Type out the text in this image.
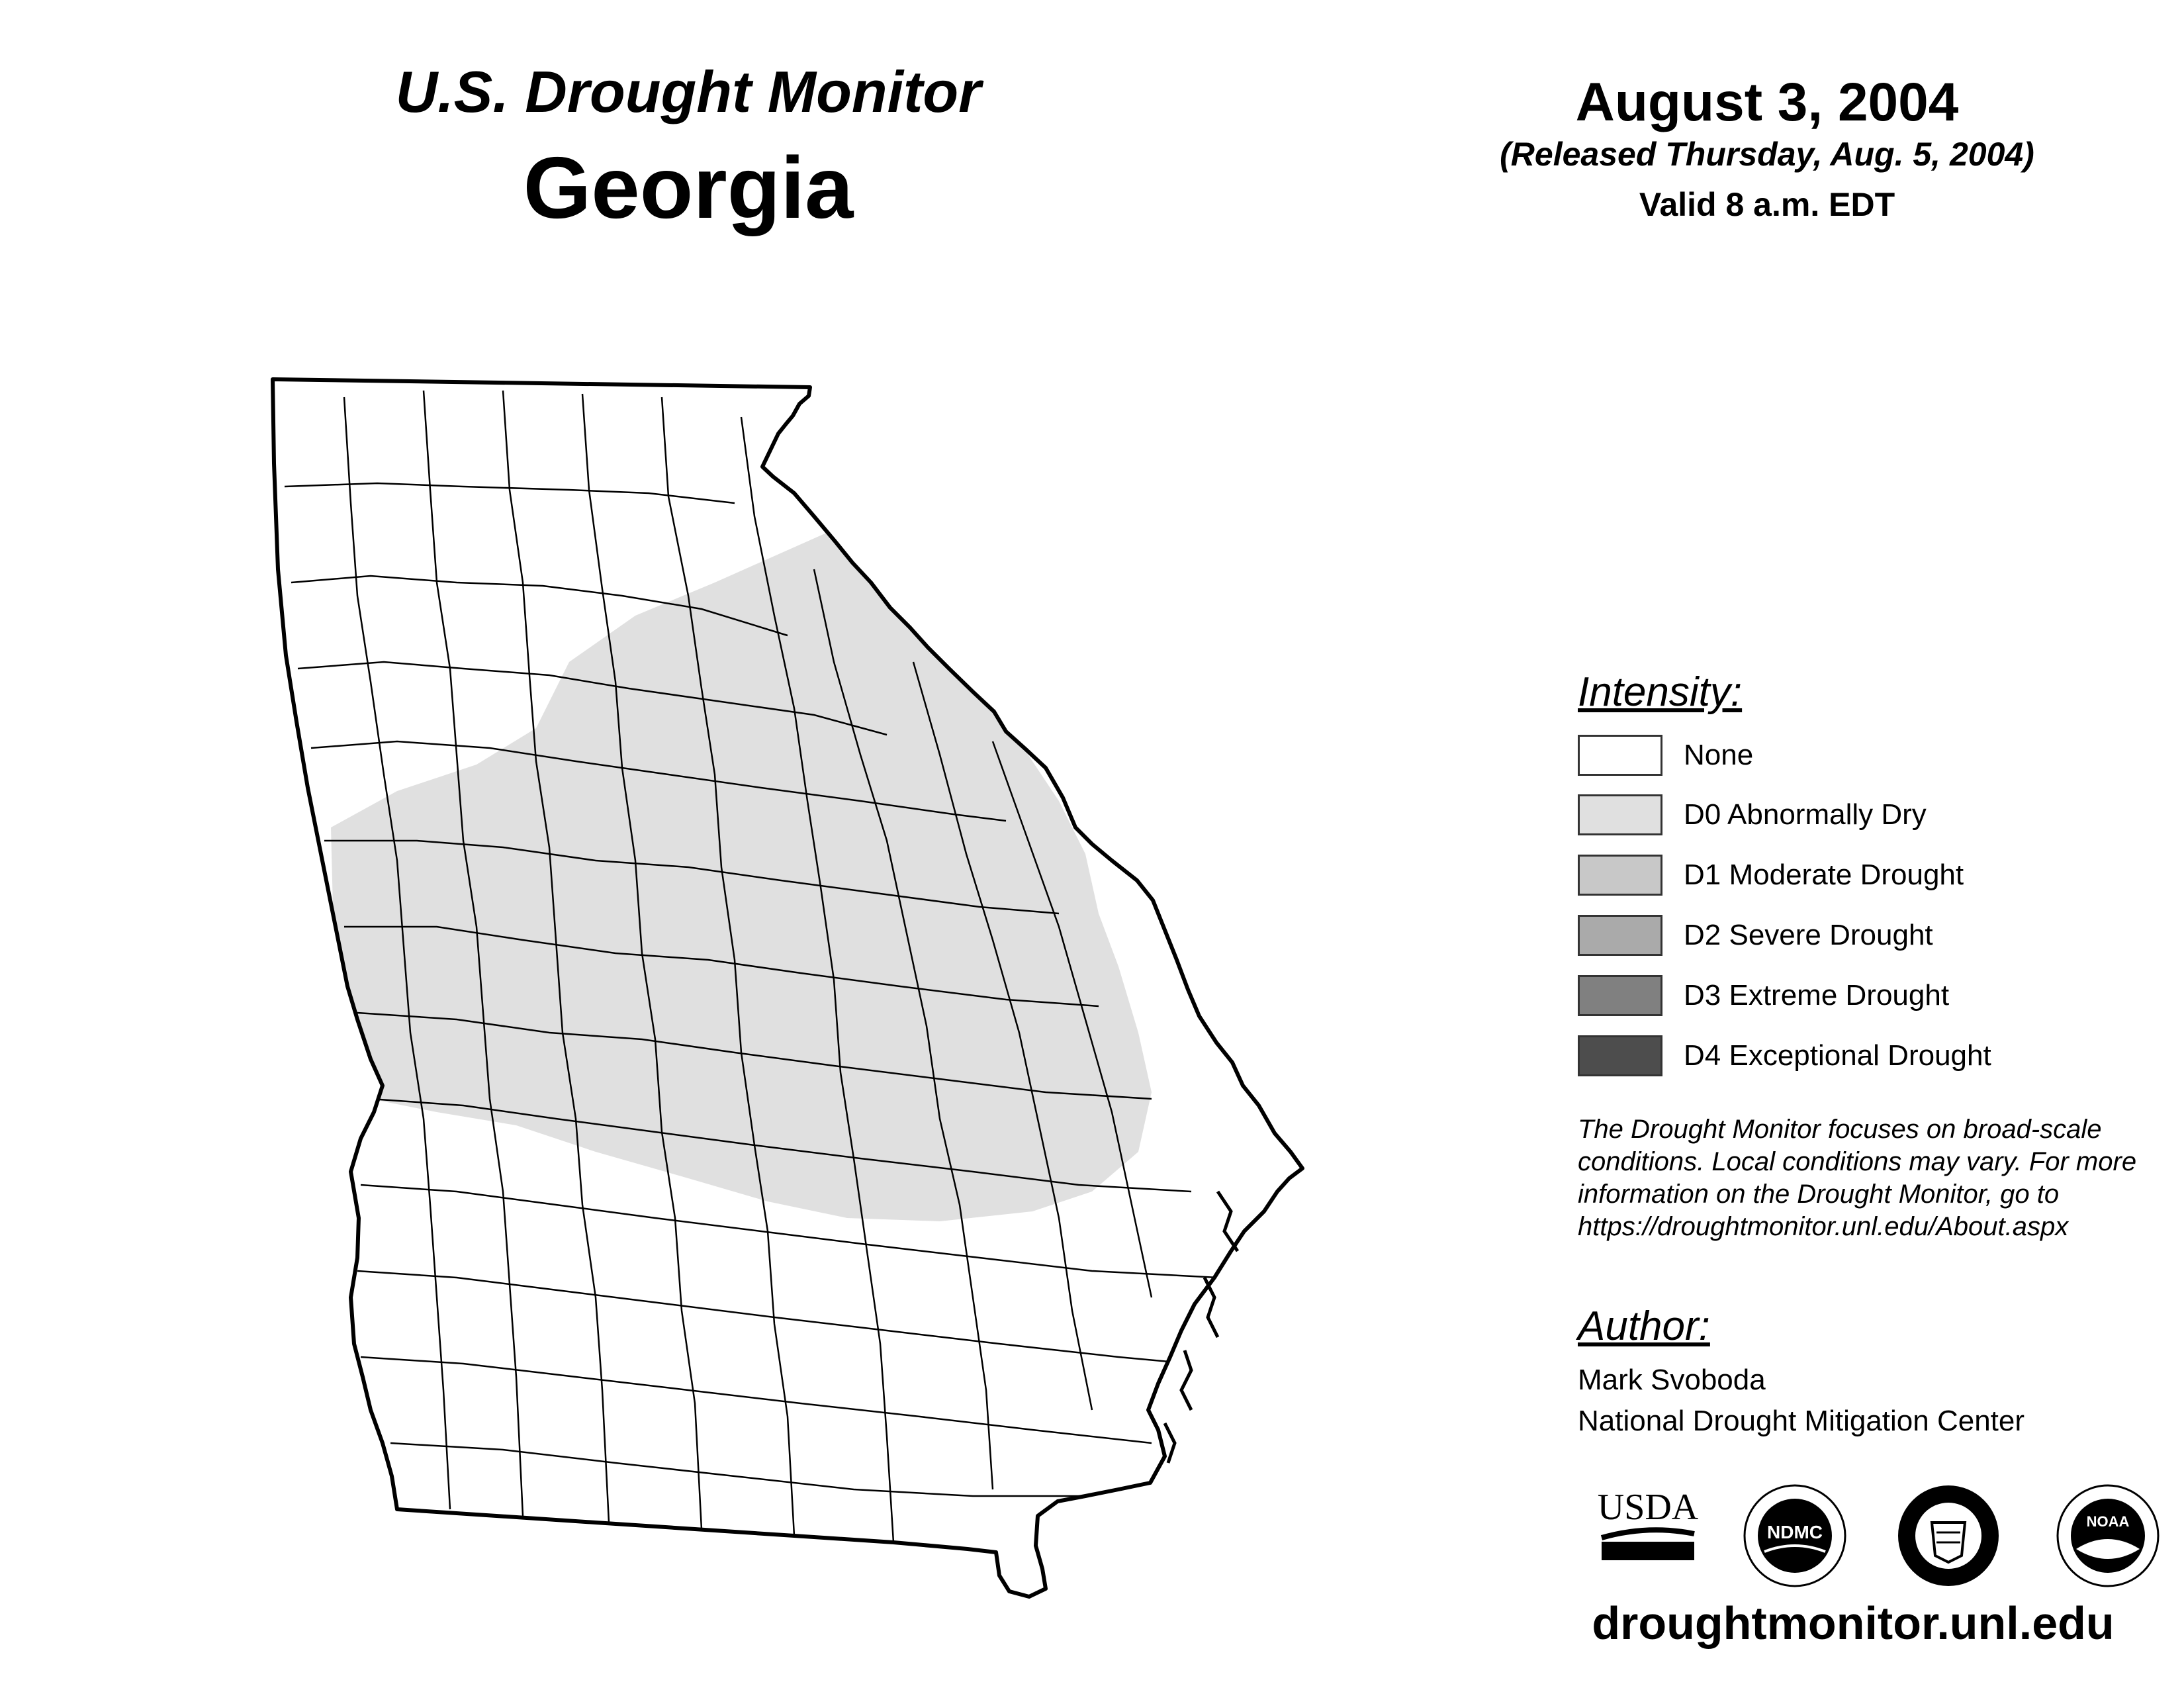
U.S. Drought Monitor
Georgia
August 3, 2004
(Released Thursday, Aug. 5, 2004)
Valid 8 a.m. EDT
Intensity:
None
D0 Abnormally Dry
D1 Moderate Drought
D2 Severe Drought
D3 Extreme Drought
D4 Exceptional Drought
The Drought Monitor focuses on broad-scale
conditions. Local conditions may vary. For more
information on the Drought Monitor, go to
https://droughtmonitor.unl.edu/About.aspx
Author:
Mark Svoboda
National Drought Mitigation Center
USDA
NDMC
NOAA
droughtmonitor.unl.edu
